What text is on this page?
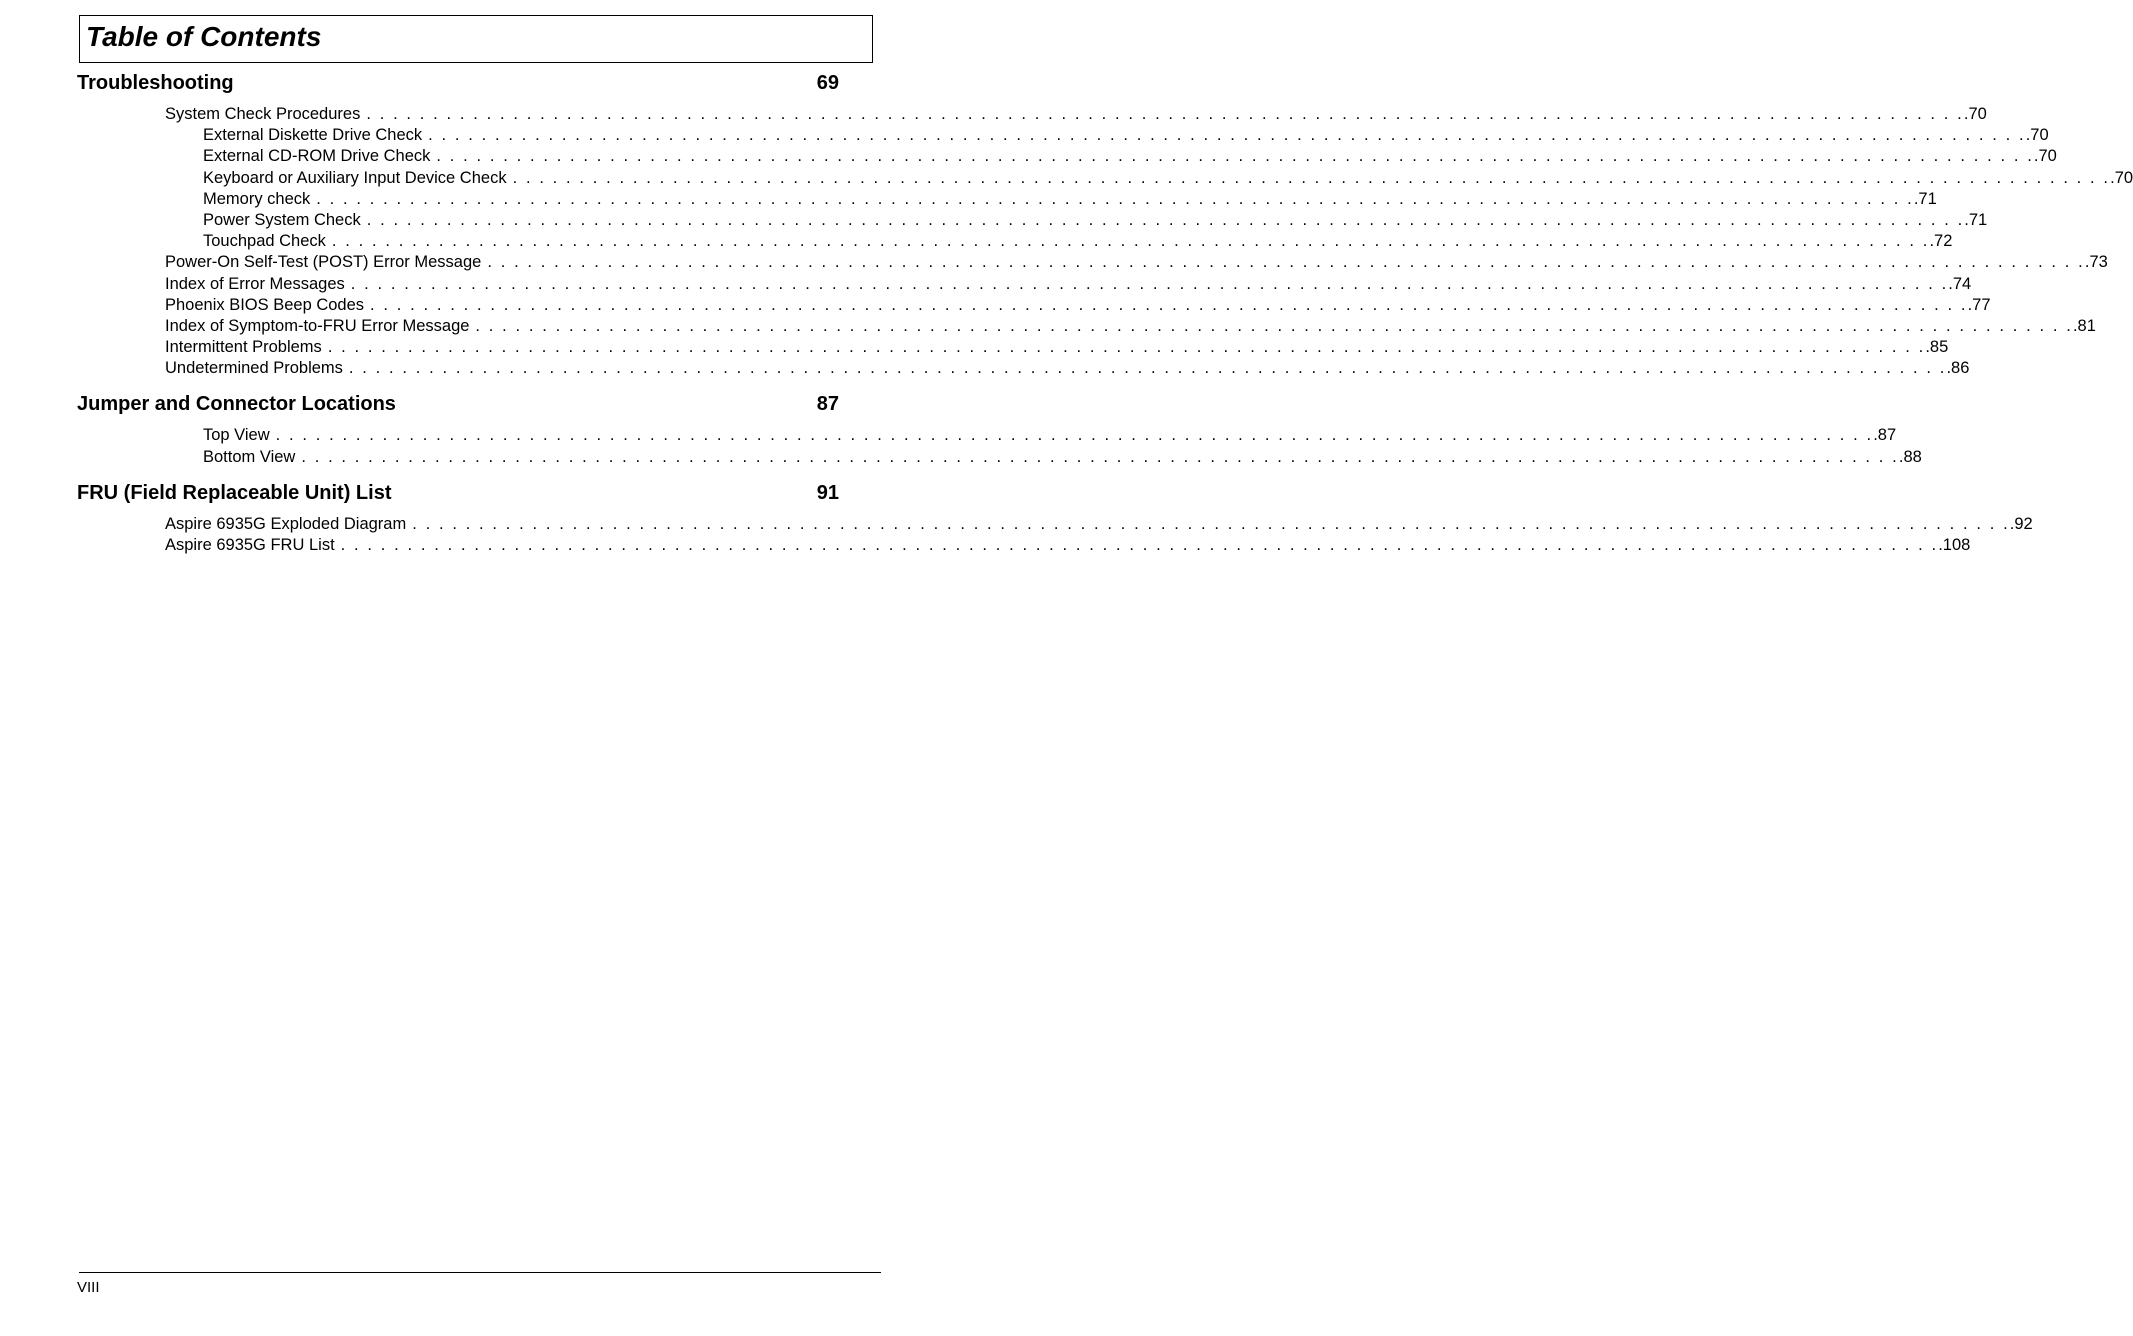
Table of Contents
Troubleshooting	69
System Check Procedures . . . . . . . . . . . . . . . . . . . . . . . . . . . . . . . . . . . . . . . . . . . . . . . . . . . . . . . . . . . . . . . . . . . . . . . . . . . . . . . . . . . . . . . . . . . . . . . . . . . . . . . . . . . . . . . . . . . . . . . . .70
External Diskette Drive Check . . . . . . . . . . . . . . . . . . . . . . . . . . . . . . . . . . . . . . . . . . . . . . . . . . . . . . . . . . . . . . . . . . . . . . . . . . . . . . . . . . . . . . . . . . . . . . . . . . . . . . . . . . . . . . . . . . . . . . . . .70
External CD-ROM Drive Check . . . . . . . . . . . . . . . . . . . . . . . . . . . . . . . . . . . . . . . . . . . . . . . . . . . . . . . . . . . . . . . . . . . . . . . . . . . . . . . . . . . . . . . . . . . . . . . . . . . . . . . . . . . . . . . . . . . . . . . . .70
Keyboard or Auxiliary Input Device Check . . . . . . . . . . . . . . . . . . . . . . . . . . . . . . . . . . . . . . . . . . . . . . . . . . . . . . . . . . . . . . . . . . . . . . . . . . . . . . . . . . . . . . . . . . . . . . . . . . . . . . . . . . . . . . . . . . . . . . . . .70
Memory check . . . . . . . . . . . . . . . . . . . . . . . . . . . . . . . . . . . . . . . . . . . . . . . . . . . . . . . . . . . . . . . . . . . . . . . . . . . . . . . . . . . . . . . . . . . . . . . . . . . . . . . . . . . . . . . . . . . . . . . . .71
Power System Check . . . . . . . . . . . . . . . . . . . . . . . . . . . . . . . . . . . . . . . . . . . . . . . . . . . . . . . . . . . . . . . . . . . . . . . . . . . . . . . . . . . . . . . . . . . . . . . . . . . . . . . . . . . . . . . . . . . . . . . . .71
Touchpad Check . . . . . . . . . . . . . . . . . . . . . . . . . . . . . . . . . . . . . . . . . . . . . . . . . . . . . . . . . . . . . . . . . . . . . . . . . . . . . . . . . . . . . . . . . . . . . . . . . . . . . . . . . . . . . . . . . . . . . . . . .72
Power-On Self-Test (POST) Error Message . . . . . . . . . . . . . . . . . . . . . . . . . . . . . . . . . . . . . . . . . . . . . . . . . . . . . . . . . . . . . . . . . . . . . . . . . . . . . . . . . . . . . . . . . . . . . . . . . . . . . . . . . . . . . . . . . . . . . . . . .73
Index of Error Messages . . . . . . . . . . . . . . . . . . . . . . . . . . . . . . . . . . . . . . . . . . . . . . . . . . . . . . . . . . . . . . . . . . . . . . . . . . . . . . . . . . . . . . . . . . . . . . . . . . . . . . . . . . . . . . . . . . . . . . . . .74
Phoenix BIOS Beep Codes . . . . . . . . . . . . . . . . . . . . . . . . . . . . . . . . . . . . . . . . . . . . . . . . . . . . . . . . . . . . . . . . . . . . . . . . . . . . . . . . . . . . . . . . . . . . . . . . . . . . . . . . . . . . . . . . . . . . . . . . .77
Index of Symptom-to-FRU Error Message . . . . . . . . . . . . . . . . . . . . . . . . . . . . . . . . . . . . . . . . . . . . . . . . . . . . . . . . . . . . . . . . . . . . . . . . . . . . . . . . . . . . . . . . . . . . . . . . . . . . . . . . . . . . . . . . . . . . . . . . .81
Intermittent Problems . . . . . . . . . . . . . . . . . . . . . . . . . . . . . . . . . . . . . . . . . . . . . . . . . . . . . . . . . . . . . . . . . . . . . . . . . . . . . . . . . . . . . . . . . . . . . . . . . . . . . . . . . . . . . . . . . . . . . . . . .85
Undetermined Problems . . . . . . . . . . . . . . . . . . . . . . . . . . . . . . . . . . . . . . . . . . . . . . . . . . . . . . . . . . . . . . . . . . . . . . . . . . . . . . . . . . . . . . . . . . . . . . . . . . . . . . . . . . . . . . . . . . . . . . . . .86
Jumper and Connector Locations	87
Top View . . . . . . . . . . . . . . . . . . . . . . . . . . . . . . . . . . . . . . . . . . . . . . . . . . . . . . . . . . . . . . . . . . . . . . . . . . . . . . . . . . . . . . . . . . . . . . . . . . . . . . . . . . . . . . . . . . . . . . . . .87
Bottom View . . . . . . . . . . . . . . . . . . . . . . . . . . . . . . . . . . . . . . . . . . . . . . . . . . . . . . . . . . . . . . . . . . . . . . . . . . . . . . . . . . . . . . . . . . . . . . . . . . . . . . . . . . . . . . . . . . . . . . . . .88
FRU (Field Replaceable Unit) List	91
Aspire 6935G Exploded Diagram . . . . . . . . . . . . . . . . . . . . . . . . . . . . . . . . . . . . . . . . . . . . . . . . . . . . . . . . . . . . . . . . . . . . . . . . . . . . . . . . . . . . . . . . . . . . . . . . . . . . . . . . . . . . . . . . . . . . . . . . .92
Aspire 6935G FRU List . . . . . . . . . . . . . . . . . . . . . . . . . . . . . . . . . . . . . . . . . . . . . . . . . . . . . . . . . . . . . . . . . . . . . . . . . . . . . . . . . . . . . . . . . . . . . . . . . . . . . . . . . . . . . . . . . . . . . . . . .108
VIII
